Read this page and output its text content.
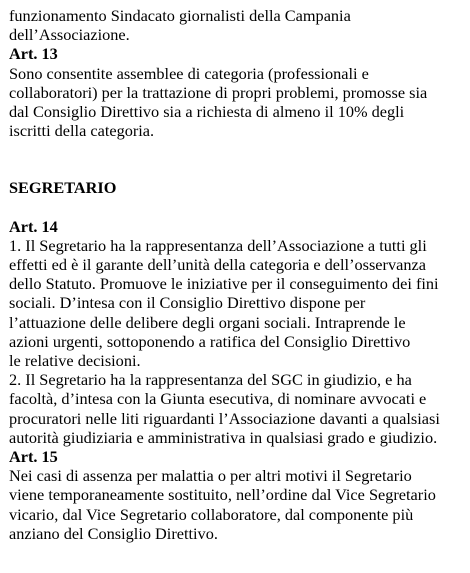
funzionamento Sindacato giornalisti della Campania
dell’Associazione.
Art. 13
Sono consentite assemblee di categoria (professionali e
collaboratori) per la trattazione di propri problemi, promosse sia
dal Consiglio Direttivo sia a richiesta di almeno il 10% degli
iscritti della categoria.
SEGRETARIO
Art. 14
1. Il Segretario ha la rappresentanza dell’Associazione a tutti gli
effetti ed è il garante dell’unità della categoria e dell’osservanza
dello Statuto. Promuove le iniziative per il conseguimento dei fini
sociali. D’intesa con il Consiglio Direttivo dispone per
l’attuazione delle delibere degli organi sociali. Intraprende le
azioni urgenti, sottoponendo a ratifica del Consiglio Direttivo
le relative decisioni.
2. Il Segretario ha la rappresentanza del SGC in giudizio, e ha
facoltà, d’intesa con la Giunta esecutiva, di nominare avvocati e
procuratori nelle liti riguardanti l’Associazione davanti a qualsiasi
autorità giudiziaria e amministrativa in qualsiasi grado e giudizio.
Art. 15
Nei casi di assenza per malattia o per altri motivi il Segretario
viene temporaneamente sostituito, nell’ordine dal Vice Segretario
vicario, dal Vice Segretario collaboratore, dal componente più
anziano del Consiglio Direttivo.
